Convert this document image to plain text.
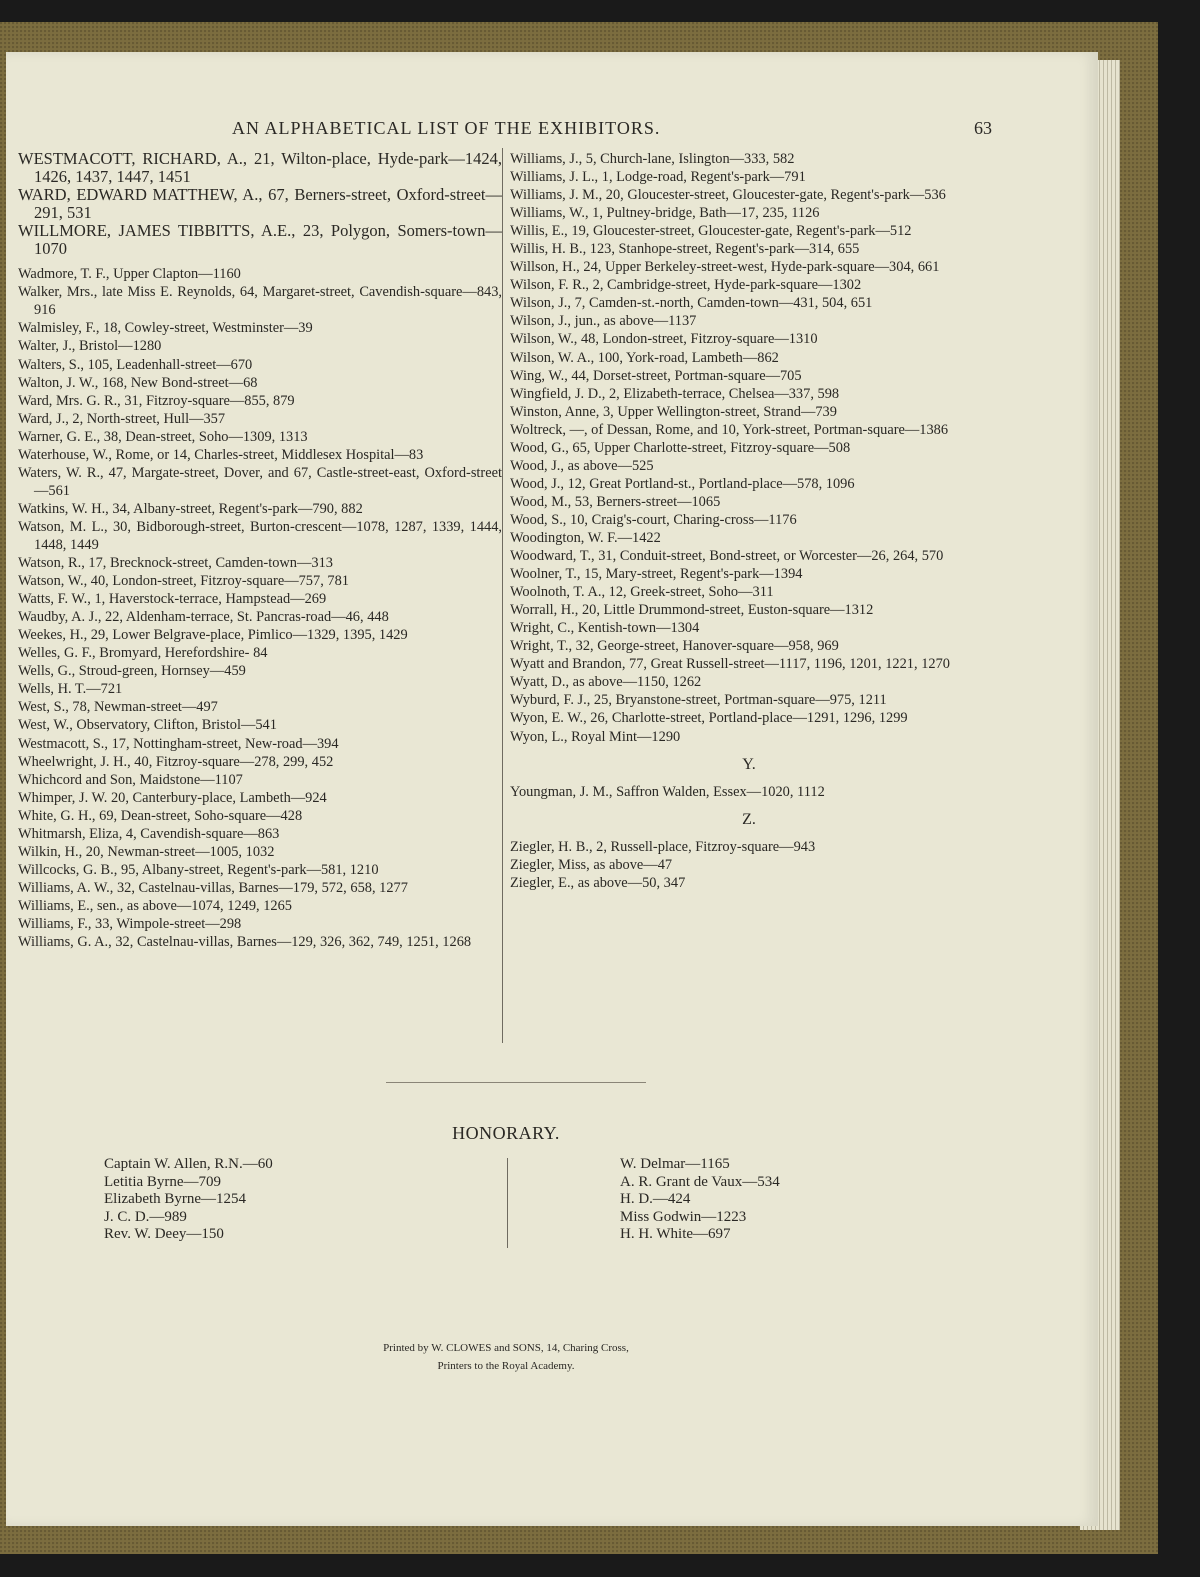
AN ALPHABETICAL LIST OF THE EXHIBITORS.	63
WESTMACOTT, RICHARD, A., 21, Wilton-place, Hyde-park—1424, 1426, 1437, 1447, 1451
WARD, EDWARD MATTHEW, A., 67, Berners-street, Oxford-street—291, 531
WILLMORE, JAMES TIBBITTS, A.E., 23, Polygon, Somers-town—1070
Wadmore, T. F., Upper Clapton—1160
Walker, Mrs., late Miss E. Reynolds, 64, Margaret-street, Cavendish-square—843, 916
Walmisley, F., 18, Cowley-street, Westminster—39
Walter, J., Bristol—1280
Walters, S., 105, Leadenhall-street—670
Walton, J. W., 168, New Bond-street—68
Ward, Mrs. G. R., 31, Fitzroy-square—855, 879
Ward, J., 2, North-street, Hull—357
Warner, G. E., 38, Dean-street, Soho—1309, 1313
Waterhouse, W., Rome, or 14, Charles-street, Middlesex Hospital—83
Waters, W. R., 47, Margate-street, Dover, and 67, Castle-street-east, Oxford-street—561
Watkins, W. H., 34, Albany-street, Regent's-park—790, 882
Watson, M. L., 30, Bidborough-street, Burton-crescent—1078, 1287, 1339, 1444, 1448, 1449
Watson, R., 17, Brecknock-street, Camden-town—313
Watson, W., 40, London-street, Fitzroy-square—757, 781
Watts, F. W., 1, Haverstock-terrace, Hampstead—269
Waudby, A. J., 22, Aldenham-terrace, St. Pancras-road—46, 448
Weekes, H., 29, Lower Belgrave-place, Pimlico—1329, 1395, 1429
Welles, G. F., Bromyard, Herefordshire- 84
Wells, G., Stroud-green, Hornsey—459
Wells, H. T.—721
West, S., 78, Newman-street—497
West, W., Observatory, Clifton, Bristol—541
Westmacott, S., 17, Nottingham-street, New-road—394
Wheelwright, J. H., 40, Fitzroy-square—278, 299, 452
Whichcord and Son, Maidstone—1107
Whimper, J. W. 20, Canterbury-place, Lambeth—924
White, G. H., 69, Dean-street, Soho-square—428
Whitmarsh, Eliza, 4, Cavendish-square—863
Wilkin, H., 20, Newman-street—1005, 1032
Willcocks, G. B., 95, Albany-street, Regent's-park—581, 1210
Williams, A. W., 32, Castelnau-villas, Barnes—179, 572, 658, 1277
Williams, E., sen., as above—1074, 1249, 1265
Williams, F., 33, Wimpole-street—298
Williams, G. A., 32, Castelnau-villas, Barnes—129, 326, 362, 749, 1251, 1268
Williams, J., 5, Church-lane, Islington—333, 582
Williams, J. L., 1, Lodge-road, Regent's-park—791
Williams, J. M., 20, Gloucester-street, Gloucester-gate, Regent's-park—536
Williams, W., 1, Pultney-bridge, Bath—17, 235, 1126
Willis, E., 19, Gloucester-street, Gloucester-gate, Regent's-park—512
Willis, H. B., 123, Stanhope-street, Regent's-park—314, 655
Willson, H., 24, Upper Berkeley-street-west, Hyde-park-square—304, 661
Wilson, F. R., 2, Cambridge-street, Hyde-park-square—1302
Wilson, J., 7, Camden-st.-north, Camden-town—431, 504, 651
Wilson, J., jun., as above—1137
Wilson, W., 48, London-street, Fitzroy-square—1310
Wilson, W. A., 100, York-road, Lambeth—862
Wing, W., 44, Dorset-street, Portman-square—705
Wingfield, J. D., 2, Elizabeth-terrace, Chelsea—337, 598
Winston, Anne, 3, Upper Wellington-street, Strand—739
Woltreck, —, of Dessan, Rome, and 10, York-street, Portman-square—1386
Wood, G., 65, Upper Charlotte-street, Fitzroy-square—508
Wood, J., as above—525
Wood, J., 12, Great Portland-st., Portland-place—578, 1096
Wood, M., 53, Berners-street—1065
Wood, S., 10, Craig's-court, Charing-cross—1176
Woodington, W. F.—1422
Woodward, T., 31, Conduit-street, Bond-street, or Worcester—26, 264, 570
Woolner, T., 15, Mary-street, Regent's-park—1394
Woolnoth, T. A., 12, Greek-street, Soho—311
Worrall, H., 20, Little Drummond-street, Euston-square—1312
Wright, C., Kentish-town—1304
Wright, T., 32, George-street, Hanover-square—958, 969
Wyatt and Brandon, 77, Great Russell-street—1117, 1196, 1201, 1221, 1270
Wyatt, D., as above—1150, 1262
Wyburd, F. J., 25, Bryanstone-street, Portman-square—975, 1211
Wyon, E. W., 26, Charlotte-street, Portland-place—1291, 1296, 1299
Wyon, L., Royal Mint—1290
Y.
Youngman, J. M., Saffron Walden, Essex—1020, 1112
Z.
Ziegler, H. B., 2, Russell-place, Fitzroy-square—943
Ziegler, Miss, as above—47
Ziegler, E., as above—50, 347
HONORARY.
Captain W. Allen, R.N.—60
Letitia Byrne—709
Elizabeth Byrne—1254
J. C. D.—989
Rev. W. Deey—150
W. Delmar—1165
A. R. Grant de Vaux—534
H. D.—424
Miss Godwin—1223
H. H. White—697
Printed by W. CLOWES and SONS, 14, Charing Cross,
Printers to the Royal Academy.
